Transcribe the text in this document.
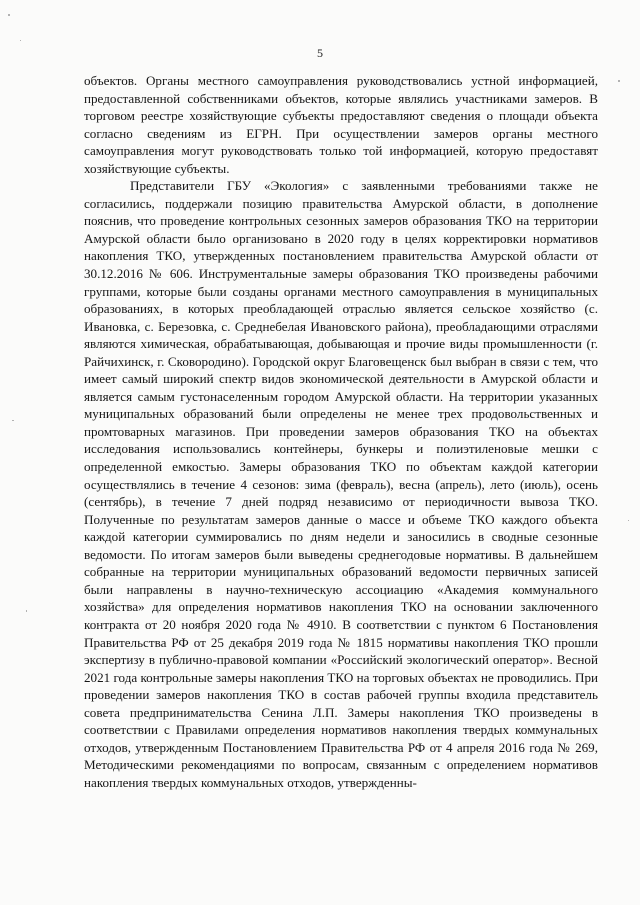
5

объектов. Органы местного самоуправления руководствовались устной информацией, предоставленной собственниками объектов, которые являлись участниками замеров. В торговом реестре хозяйствующие субъекты предоставляют сведения о площади объекта согласно сведениям из ЕГРН. При осуществлении замеров органы местного самоуправления могут руководствовать только той информацией, которую предоставят хозяйствующие субъекты.

Представители ГБУ «Экология» с заявленными требованиями также не согласились, поддержали позицию правительства Амурской области, в дополнение пояснив, что проведение контрольных сезонных замеров образования ТКО на территории Амурской области было организовано в 2020 году в целях корректировки нормативов накопления ТКО, утвержденных постановлением правительства Амурской области от 30.12.2016 № 606. Инструментальные замеры образования ТКО произведены рабочими группами, которые были созданы органами местного самоуправления в муниципальных образованиях, в которых преобладающей отраслью является сельское хозяйство (с. Ивановка, с. Березовка, с. Среднебелая Ивановского района), преобладающими отраслями являются химическая, обрабатывающая, добывающая и прочие виды промышленности (г. Райчихинск, г. Сковородино). Городской округ Благовещенск был выбран в связи с тем, что имеет самый широкий спектр видов экономической деятельности в Амурской области и является самым густонаселенным городом Амурской области. На территории указанных муниципальных образований были определены не менее трех продовольственных и промтоварных магазинов. При проведении замеров образования ТКО на объектах исследования использовались контейнеры, бункеры и полиэтиленовые мешки с определенной емкостью. Замеры образования ТКО по объектам каждой категории осуществлялись в течение 4 сезонов: зима (февраль), весна (апрель), лето (июль), осень (сентябрь), в течение 7 дней подряд независимо от периодичности вывоза ТКО. Полученные по результатам замеров данные о массе и объеме ТКО каждого объекта каждой категории суммировались по дням недели и заносились в сводные сезонные ведомости. По итогам замеров были выведены среднегодовые нормативы. В дальнейшем собранные на территории муниципальных образований ведомости первичных записей были направлены в научно-техническую ассоциацию «Академия коммунального хозяйства» для определения нормативов накопления ТКО на основании заключенного контракта от 20 ноября 2020 года № 4910. В соответствии с пунктом 6 Постановления Правительства РФ от 25 декабря 2019 года № 1815 нормативы накопления ТКО прошли экспертизу в публично-правовой компании «Российский экологический оператор». Весной 2021 года контрольные замеры накопления ТКО на торговых объектах не проводились. При проведении замеров накопления ТКО в состав рабочей группы входила представитель совета предпринимательства Сенина Л.П. Замеры накопления ТКО произведены в соответствии с Правилами определения нормативов накопления твердых коммунальных отходов, утвержденным Постановлением Правительства РФ от 4 апреля 2016 года № 269, Методическими рекомендациями по вопросам, связанным с определением нормативов накопления твердых коммунальных отходов, утвержденны-
